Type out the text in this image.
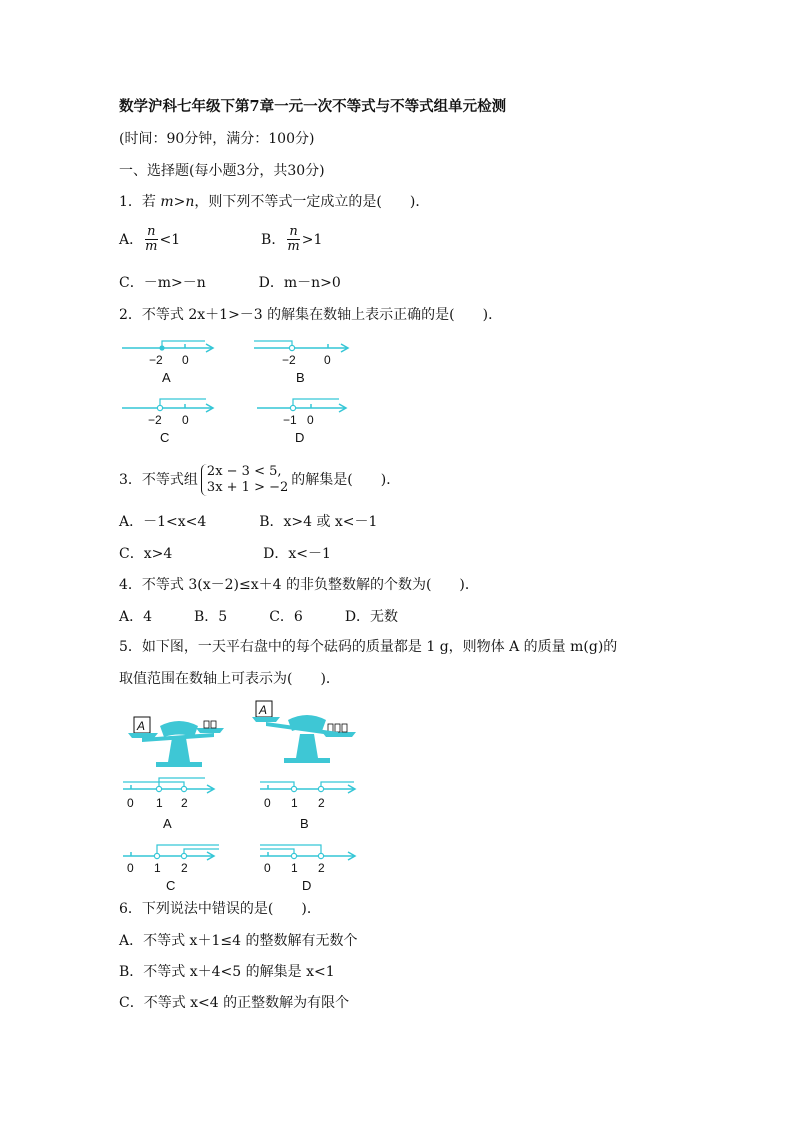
数学沪科七年级下第7章一元一次不等式与不等式组单元检测
(时间：90分钟，满分：100分)
一、选择题(每小题3分，共30分)
1．若 m>n，则下列不等式一定成立的是(　　)．
A． $\frac{n}{m} <1$	B． $\frac{n}{m} >1$
C．－m>－n	D．m－n>0
2．不等式 2x＋1>－3 的解集在数轴上表示正确的是(　　)．
−2 0
A
−2 0
B
−2 0
C
−1 0
D
3．不等式组
2x − 3 < 5,
3x + 1 > −2 的解集是(　　)．
A．－1<x<4	B．x>4 或 x<－1
C．x>4	D．x<－1
4．不等式 3(x－2)≤x＋4 的非负整数解的个数为(　　)．
A．4　　　B．5　　　C．6　　　D．无数
5．如下图，一天平右盘中的每个砝码的质量都是 1 g，则物体 A 的质量 m(g)的
取值范围在数轴上可表示为(　　)．
A
A
0 1 2
A
0 1 2
B
0 1 2
C
0 1 2
D
6．下列说法中错误的是(　　)．
A．不等式 x＋1≤4 的整数解有无数个
B．不等式 x＋4<5 的解集是 x<1
C．不等式 x<4 的正整数解为有限个
